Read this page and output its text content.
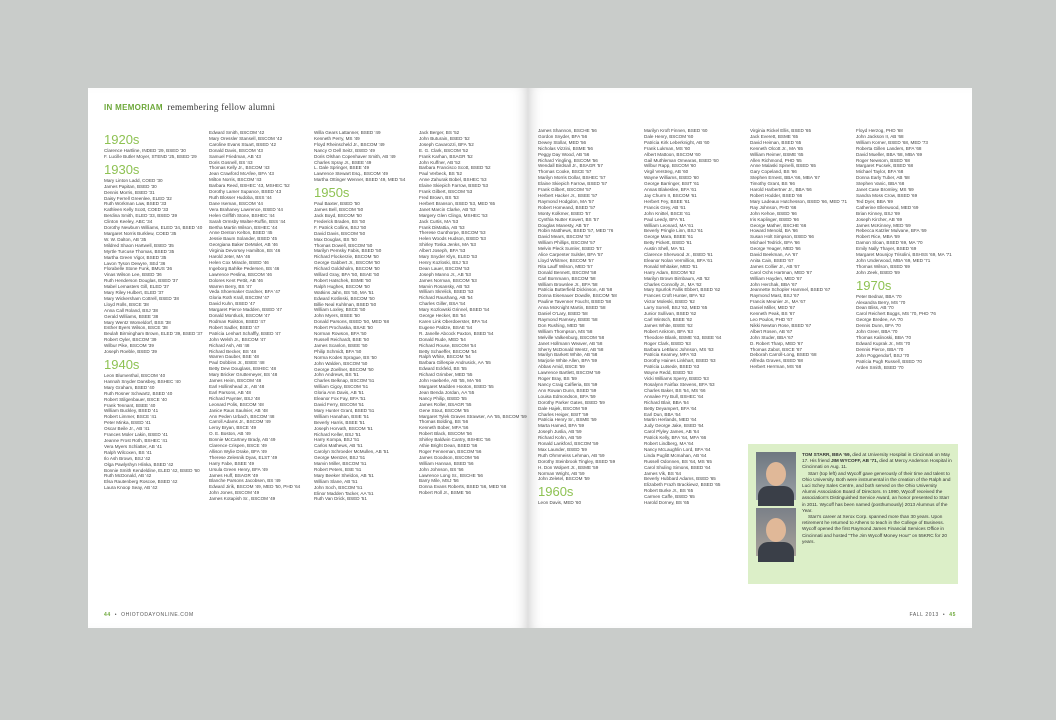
IN MEMORIAM remembering fellow alumni
1920s
Clarence Hartline, INDED '29, BSED '30
F. Lucille Butler Moyer, STEND '25, BSED '29
1930s
Mary Linton Ladd, COED '30
James Papitan, BSED '30
Dennis Morris, BSED '31
Daisy Ferrell Greenlee, ELED '32
Ruth Workman Law, BSED '33
Kathleen Kelly Scott, COED '33
Berdina Smith, ELED '33, BSED '39
Clinton Keeley, ABC '34
Dorothy Newburn Williams, ELED '34, BSED '40
Margaret Norris Burklew, COED '35
W. W. Dalton, AB '35
Mildred Shaon Hartwell, BSED '35
Myrtle Turcuse Thomas, BSED '35
Martha Green Vigor, BSED '35
Lavon Tyson Dewyre, SEd '36
Florabelle Stone Funk, BMUS '36
Vinas Wilson Lee, BSED '36
Ruth Henderson Douglas, BSED '37
Mabel Lemasters Gill, ELED '37
Mary Riley Hulbert, ELED '37
Mary Wickersham Cottrell, BSED '38
Lloyd Rolls, BSCE '38
Anna Call Roland, BSJ '38
Gerald Williams, BSEE '38
Mary Wentz Womeldorf, BSS '38
Esther Byers Wilson, BSCE '38
Beulah Birmingham Brown, ELED '39, BSED '37
Robert Oyler, BSCOM '39
Wilbur Pike, BSCOM '39
Joseph Roeble, BSED '39
1940s
Leon Blumenthal, BSCOM '40
Hannah Snyder Dansbey, BSHEC '40
Mary Graham, BSED '40
Ruth Rosner Schwartz, BSED '40
Robert Stilgenbauer, BSCE '40
Frank Tennant, BSEE '40
William Buckley, BSED '41
Robert Limmer, BSCE '41
Peter Minka, BSED '41
Oscar Beile Jr., AB '41
Frances Moler Lakin, BSED '41
Jeanne Frost Roth, BSHEC '41
Vera Myers Schlatter, AB '41
Ralph Wilcoxen, BS '41
Ilo Ash Brown, BSJ '42
Olga Pawlyshyn Hlinka, BSED '42
Bonnie Smith Kendeldine, ELED '42, BSED '60
Ruth McDonald, AB '42
Elsa Rautenberg Roscoe, BSED '42
Laura Knoop Seay, AB '42
Edward Smith, BSCOM '42
Mary Oressler Stansell, BSCOM '42
Caroline Evans Stuart, BSED '42
Donald Davis, BSCOM '43
Samuel Friedman, AB '43
Doris Gosnell, BS '43
Thomas Kelly Jr., BSCOM '43
Jean Crawford McAfee, BFA '43
Milton Norris, BSCOM '43
Barbara Reed, BSHEC '43, MSHEC '52
Dorothy Lamer Supance, BSED '43
Ruth Blosser Hudoba, BSS '44
Dane Iseman, BSCOM '44
Vera Brahaney Lawrence, BSED '44
Helen Griffith Stone, BSHEC '44
Sarah Ormsby Walter-Ruffin, BSS '44
Bertha Martin Wilson, BSHEC '44
Anne Denton Kelton, BSED '45
Jessie Baum Solander, BSED '45
Georgiana Baker DeMolet, AB '46
Virginia Devorsey Hamilton, BS '46
Harold Jeter, MA '46
Helen Cox Miracle, BSED '46
Ingeborg Bahlke Pedersen, BS '46
Lawrence Peslina, BSCOM '46
Dolores Kent Pettit, AB '46
Warren Berry, BS '47
Veda Shoemaker Gardner, BFA '47
Gloria Roth Krall, BSCOM '47
David Kuhn, BSED '47
Margaret Pierce Madden, BSED '47
Donald Montluck, BSCOM '47
Rodman Ralston, BSED '47
Robert Sadler, BSED '47
Patricia Lenhart Schaffly, BSED '47
John Welsh Jr., BSCOM '47
Richard Ash, AB '48
Richard Becker, BS '48
Warren Dauber, BSE '48
Paul Dobbins Jr., BSEE '48
Betty Dew Douglass, BSHEC '48
Mary Bricker Gruttemeyer, BS '48
James Heim, BSCOM '48
Earl Hollinshead Jr., AB '48
Earl Parsons, AB '48
Richard Paynter, BSJ '48
Leonard Polis, BSCOM '48
Janice Raus Saulnier, AB '48
Ann Peden Urbach, BSCOM '48
Carroll Adams Jr., BSCOM '49
Leroy Bryan, BSCE '49
O. E. Boston, AB '49
Bonnie McCartney Brady, AB '49
Clarence Crispen, BSCE '49
Allison Wylie Drake, BFA '49
Therese Zelesnik Dyas, ELST '49
Harry Fabe, BSEE '49
Ursula Green Henry, BFA '49
James Huff, BSAGR '49
Blanche Parsons Jacobsen, BS '49
Edward Jirik, BSCOM '49, MED '50, PHD '64
John Jones, BSCOM '49
James Kotapish Sr., BSCOM '49
Willa Gears Lattanner, BSED '49
Kenneth Perry, MS '49
Floyd Rheinscheld Jr., BSCOM '49
Nancy O Dell Seitz, BSED '49
Doris Olshan Copenhaver Smith, AB '49
Charles Spray Jr., BSEE '49
L. Dale Springer, BSEE '49
Lawrence Stewart Esq., BSCOM '49
Martha Ottinger Wenner, BSED '49, MED '54
1950s
Paul Baxter, BSED '50
James Bell, BSCOM '50
Jack Boyd, BSCOM '50
Frederick Braden, BS '50
F. Patrick Collins, BSJ '50
David Davis, BSCOM '50
Max Douglas, BS '50
Thomas Dowell, BSCOM '50
Marilyn Pemsky Fabis, BSED '50
Richard Flockerzie, BSCOM '50
George Gabbert Jr., BSCOM '50
Richard Goldsholm, BSCOM '50
Willard Gray, BFA '50, BSAE '50
Robert Hatschek, BSME '50
Ralph Hughes, BSCOM '50
Watkins Jahn, BS '50, MA '51
Edward Kotlinski, BSCOM '50
Billie Neal Kuhlman, BSED '50
William Loxley, BSCE '50
John Myers, BSEE '50
Donald Parsons, BSED '50, MED '68
Robert Prochaska, BSAE '50
Norman Rowson, BFA '50
Russell Reichardt, BSE '50
James Scanlon, BSEE '50
Philip Schmidt, BFA '50
Norma Kodes Sprague, BS '50
John Walden, BSCOM '50
George Zoellner, BSCOM '50
John Andrews, BS '51
Charles Belknap, BSCOM '51
William Cigoy, BSCOM '51
Gloria Ann Davis, AB '51
Eleanor Fox Fay, BFA '51
David Ferry, BSCOM '51
Mary Hunter Grant, BSED '51
William Hanahan, BSIE '51
Beverly Harris, BSEE '51
Joseph Horvath, BSCOM '51
Richard Keller, BSJ '51
Harry Kompa, BSJ '51
Carlos Mathews, AB '51
Carolyn Schroeder McMullen, AB '51
George Mentzer, BSJ '51
Marvin Miller, BSCOM '51
Robert Peters, BSE '51
Mary Beeker Sheldon, AB '51
William Slane, AB '51
John Soch, BSCOM '51
Elinor Madden Tacker, AA '51
Ruth Van Drick, BSED '51
Jack Berger, BS '52
John Buturain, BSED '52
Joseph Cavarozzi, BFA '52
E. G. Clark, BSCOM '52
Frank Karhan, BSAGR '52
John Kuffner, AB '52
Barbara Francisco Scott, BSED '52
Paul Verbeck, BS '52
Anne Zahurak Bobel, BSHEC '53
Elaine Skiepich Farrow, BSED '53
Frank Gilbert, BSCOM '53
Fred Brown, BS '53
Herbert Branson, BSED '53, MED '65
Janet Marcin Clarke, AB '53
Margery Glen Clingo, MSHEC '53
Jack Curtis, MA '53
Frank DiMattia, AB '53
Therese Gunthorpe, BSCOM '53
Helen Woods Hudson, BSED '53
Shirley Toska Jenks, MA '53
Albert Joseph, BFA '53
Mary Snyder Klyn, ELED '53
Henry Kozloski, BSJ '53
Dean Lauer, BSCOM '53
Joseph Manno Jr., AB '53
James Norman, BSCOM '53
Marvin Rosansky, AB '53
William Skrelick, BSED '53
Richard Raushang, AB '54
Charles Giller, BSA '54
Mary Kozlowski Grinnel, BSED '54
George Hecker, BS '54
Karen Link Oberdoerster, BFA '54
Eugene Patitze, BSAE '54
R. Janelle Abcock Paxton, BSED '54
Donald Rude, MED '54
Richard Rouse, BSCOM '54
Betty Schaeffer, BSCOM '54
Ralph White, BSCOM '54
Barbara Gillespie Andrusick, AA '55
Edward Eckfeld, BS '55
Richard Grimber, MED '55
John Haeberle, AB '55, MA '66
Margaret Madden Hooton, BSED '55
Jean Benda Jordan, AA '55
Nancy Philip, BSED '55
James Roller, BSAGR '55
Gene Stout, BSCOM '55
Margaret Tylek Graves Strawser, AA '55, BSCOM '59
Thomas Bolding, BS '56
Kenneth Bober, MFA '56
Robert Black, BSCOM '56
Shirley Baldwin Cantry, BSHEC '56
Athie Bright Dean, BSED '56
Roger Fenneman, BSCOM '56
James Goodson, BSCOM '56
William Hannan, BSED '56
John Johnson, BS '56
Lawrence Long Sr., BSCHE '56
Barry Mile, MSJ '56
Donna Evans Roberts, BSED '56, MED '68
Robert Roll Jr., BSME '56
44  •  OHIOTODAYONLINE.COM
James Shannon, BSCHE '56
Gordon Snyder, BFA '56
Dewey Stollar, MED '56
Nicholas Vizzini, BSME '56
Peggy Day Wood, AB '56
Richard Yingling, BSCOM '56
Wendall Birdsall Jr., BSAGR '57
Thomas Cooke, BSCE '57
Marilyn Morris Dollar, BSHEC '57
Elaine Skiepich Farrow, BSED '57
Frank Gilbert, BSCOM '57
Herbert Hacker Jr., BSEE '57
Raymond Hodgdon, MA '57
Robert Homeand, BSED '57
Monty Kolkmer, BSED '57
Cynthia Nutter Kowert, BS '57
Douglas Manesty, AB '57
Robin Matthews, BSED '57, MED '76
David Mears, BSCOM '57
William Phillips, BSCOM '57
Melvin Pleck Sumler, BSED '57
Alice Carpenter Sulsler, BFA '57
Lloyd Whitmer, BSCOM '57
Rita Lauff Wilson, MED '57
Donald Bennett, BSCOM '58
Carl Bornmann, BSCOM '58
William Brownlee Jr., BFA '58
Patricia Butterfield Dickinson, AB '58
Donna Eisenauer Dowdle, BSCOM '58
Pauline Tavenner Foucht, BSED '58
Anna McKnight Martin, BSED '58
Daniel O'Lary, BSED '58
Raymond Ramsey, BSEE '58
Don Rushing, MED '58
William Thompson, MS '58
Melville Valkenburg, BSCOM '58
Janet Hollmann Weaver, AB '58
Sherry McDonald Wentz, AB '58
Marilyn Barkett White, AB '58
Marjorie White Allen, BFA '59
Abbas Amid, BSCE '59
Lawrence Bartlett, BSCOM '59
Roger Bray, BS '59
Nancy Craig Calfieria, BS '59
Ann Rowan Dunn, BSED '59
Louisa Edmondson, BFA '59
Dorothy Parker Gates, BSED '59
Dale Hajek, BSCOM '59
Charles Heiger, BSIT '59
Patricia Henry Sr., BSME '59
Marta Hamed, BFA '59
Joseph Juslia, AB '59
Richard Kohn, AB '59
Ronald Lankford, BSCOM '59
Max Launder, BSED '59
Ruth Ohmmeiss Lehman, AB '59
Dorothy Steinbrook Tingley, BSED '59
H. Don Wolpert Jr., BSME '59
Norman Wright, AB '59
John Zeletel, BSCOM '59
1960s
Leon Davis, MED '60
Marilyn Kroft Finnen, BSED '60
Dale Henry, BSCOM '60
Patricia Kirk Leberknight, AB '60
Frank Lukman, MS '60
Albert Mattoon, BSCOM '60
Gail Muthleman Omearas, BSED '60
Wilbur Rapp, BSCOM '60
Virgil Verstreg, AB '60
Wayne Williams, BSED '60
George Barringer, BSIT '61
Annas Blakeslee, BFA '61
Jay Churm II, BSCOM '61
Herbert Fey, BSEE '61
Francis Grey, AB '61
John Knittel, BSCE '61
Paul Leedy, BFA '61
William Leonard, MA '61
Beverly Pringle Linn, BSJ '61
George Mara, BSEE '61
Betty Pickett, BSED '61
Austin Shell, MA '61
Clarence Sherwood Jr., BSED '61
Eleanor Nolan Vermillion, BFA '61
Ronald Whitaker, MED '61
Harry Adam, BSCOM '62
Marilyn Brown Birnbaum, AB '62
Charles Connolly Jr., MA '62
Mary Spurlok Fallis Ebbert, BSED '62
Frances Croft Hunter, BFA '62
Victor Moleski, BSED '62
Larry Sorrell, BSJ '62, MED '65
Junior Sullivan, BSED '62
Carl Wintsch, BSEE '62
James White, BSEE '62
Robert Ankrom, BFA '63
Theodore Blank, BSME '63, BSEE '64
Roger Clark, BSED '63
Barbara LeBlanc Johnson, MS '63
Patricia Kearney, MFA '63
Dorothy Haines Linkhart, BSED '63
Patricia Lutsede, BSED '63
Wayne Redd, BSED '63
Vicki Williams Sperry, BSED '63
Rosalynn Fairfax Stevens, BFA '63
Charles Baker, BS '64, MS '66
Annalee Fry Bull, BSHEC '64
Richard Blair, BBA '64
Betty Deyampert, BFA '64
Earl Dun, BBA '64
Martin Herlands, MED '64
Judy George Jake, BSED '64
Carol Plyley James, AB '64
Patrick Kelly, BFA '64, MFA '66
Robert Lindberg, MA '64
Nancy McLaughlin Lord, BFA '64
Linda Puglitt Mcmahan, AB '64
Russell Odonnen, BS '64, MS '65
Carol Shuling Simons, BSED '64
James Vik, BS '64
Beverly Hubbard Adams, BSED '65
Elizabeth Frazh Brackiewz, BSED '65
Robert Burke Jr., BS '65
Carmen Caffe, BSED '65
Harold Dorney, BS '65
Virginia Rickel Ellis, BSED '65
Jack Everett, BSME '65
David Heiman, BSED '65
Kenneth Olcott Jr., MA '65
William Reimer, BSME '65
Allen Richmond, PHD '65
Anne Malaski Spinelli, BSED '65
Gary Copeland, BS '66
Stephen Ernest, BBA '66, MBA '67
Timothy Grant, BS '66
Harold Harbertner Jr., BBA '66
Robert Hodder, BSED '66
Mary Ladeaux Hutchesson, BSED '66, MED '71
Ray Johnson, PHD '66
John Kehoe, BSED '66
Iris Kaplinger, BSED '66
George Mather, BSCHE '66
Howard Menold, BA '66
Susan Holt Simpson, BSED '66
Michael Tedrick, BFA '66
George Yeager, MED '66
David Beekman, AA '67
Anita Cain, BSED '67
James Collier Jr., AB '67
Carol Ochs Hartman, MED '67
William Hayden, MED '67
John Herchak, BBA '67
Jeannette Schopler Hammel, BSED '67
Raymond Mast, BSJ '67
Francis Meunier Jr., MA '67
Daniel Miller, MED '67
Kenneth Peak, BS '67
Leo Poulos, PHD '67
Nikki Newton Rose, BSED '67
Albert Rosen, AB '67
John Studer, BBA '67
D. Robert Tharp, MED '67
Thomas Zabot, BSCE '67
Deborah Carroll-Long, BSED '68
Alfreda Graves, BSED '68
Herbert Herrman, MS '68
Floyd Herzog, PHD '68
John Jackson II, AB '68
William Korner, BSED '68, MED '73
Roberta Gillen Landers, BFA '68
David Mueller, BBA '68, MBA '69
Roger Newsom, BSED '68
Margaret Pucsek, BSED '68
Michael Taylor, BFA '68
Donna Early Tuber, AB '68
Stephen Vanic, BBA '68
Janet Case Bromley, MS '69
Sandra Moss Crow, BSED '69
Ted Dyer, BBA '69
Catherine Ellenwood, MED '69
Brian Kinney, BSJ '69
Joseph Kircher, AB '69
James McKinney, MED '69
Rebecca Katzler Mulvane, BFA '69
Robert Rice, MBA '69
Damon Sloan, BSED '69, MA '70
Emily Nally Thayer, BSED '69
Margaret Mounjoy Trisolini, BSHSS '69, MA '71
John Underwood, MBA '69, MED '71
Thomas Wilson, BSED '69
John Zeek, BSED '69
1970s
Peter Bednar, BBA '70
Alexandra Berry, MS '70
Dean Bliss, AB '70
Carol Reichert Boggs, MS '70, PHD '76
George Bredee, AA '70
Dennis Dunn, BFA '70
John Greer, BBA '70
Thomas Kalinoski, BBA '70
Edward Kuprak Jr., MS '70
Dennis Pierce, BBA '70
John Poggendorf, BSJ '70
Patricia Pugh Russell, BSED '70
Arden Smith, BSED '70
TOM STARR, BBA '69, died at University Hospital in Cincinnati on May 17. His friend JIM WYCOFF, AB '71, died at Mercy Anderson Hospital in Cincinnati on Aug. 11.
Starr (top left) and Wycoff gave generously of their time and talent to Ohio University. Both were instrumental in the creation of the Ralph and Luci Schey Sales Centre, and both served on the Ohio University Alumni Association Board of Directors. In 1990, Wycoff received the association's Distinguished Service Award, an honor presented to Starr in 2011. Wycoff has been named (posthumously) 2013 Alumnus of the Year.
Starr's career at Xerox Corp. spanned more than 30 years. Upon retirement he returned to Athens to teach in the College of Business. Wycoff opened the first Raymond James Financial Services Office in Cincinnati and hosted "The Jim Wycoff Money Hour" on 55KRC for 20 years.
FALL 2013  •  45
